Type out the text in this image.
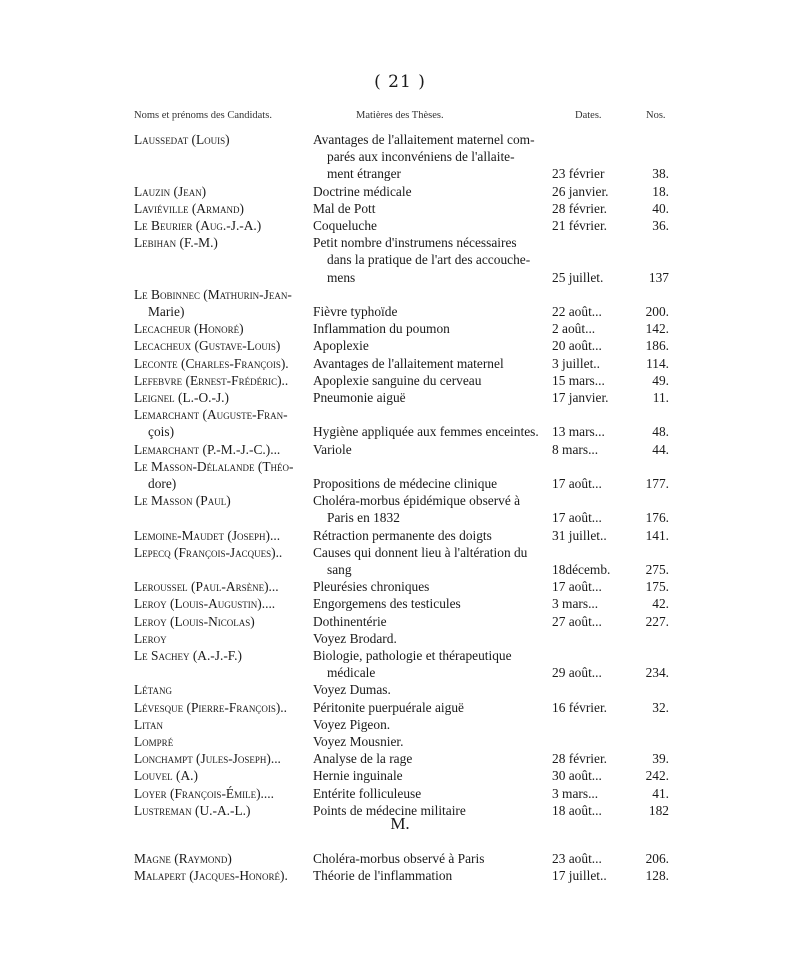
( 21 )
Noms et prénoms des Candidats.	Matières des Thèses.	Dates.	Nos.
Laussedat (Louis)	Avantages de l'allaitement maternel com-
parés aux inconvéniens de l'allaite-
ment étranger	23 février	38.
Lauzin (Jean)	Doctrine médicale	26 janvier.	18.
Laviéville (Armand)	Mal de Pott	28 février.	40.
Le Beurier (Aug.-J.-A.)	Coqueluche	21 février.	36.
Lebihan (F.-M.)	Petit nombre d'instrumens nécessaires
dans la pratique de l'art des accouche-
mens	25 juillet.	137
Le Bobinnec (Mathurin-Jean-
Marie)	Fièvre typhoïde	22 août...	200.
Lecacheur (Honoré)	Inflammation du poumon	2 août...	142.
Lecacheux (Gustave-Louis) Apoplexie	20 août...	186.
Leconte (Charles-François). Avantages de l'allaitement maternel	3 juillet..	114.
Lefebvre (Ernest-Frédéric).. Apoplexie sanguine du cerveau	15 mars...	49.
Leignel (L.-O.-J.)	Pneumonie aiguë	17 janvier.	11.
Lemarchant (Auguste-Fran-
çois)	Hygiène appliquée aux femmes enceintes. 13 mars...	48.
Lemarchant (P.-M.-J.-C.)... Variole	8 mars...	44.
Le Masson-Délalande (Théo-
dore)	Propositions de médecine clinique	17 août...	177.
Le Masson (Paul)	Choléra-morbus épidémique observé à
Paris en 1832	17 août...	176.
Lemoine-Maudet (Joseph)... Rétraction permanente des doigts	31 juillet..	141.
Lepecq (François-Jacques).. Causes qui donnent lieu à l'altération du
sang	18décemb.	275.
Leroussel (Paul-Arsène)...	Pleurésies chroniques	17 août...	175.
Leroy (Louis-Augustin)....	Engorgemens des testicules	3 mars...	42.
Leroy (Louis-Nicolas)	Dothinentérie	27 août...	227.
Leroy	Voyez Brodard.
Le Sachey (A.-J.-F.)	Biologie, pathologie et thérapeutique
médicale	29 août...	234.
Létang	Voyez Dumas.
Lévesque (Pierre-François).. Péritonite puerpuérale aiguë	16 février.	32.
Litan	Voyez Pigeon.
Lompré	Voyez Mousnier.
Lonchampt (Jules-Joseph)... Analyse de la rage	28 février.	39.
Louvel (A.)	Hernie inguinale	30 août...	242.
Loyer (François-Émile)....	Entérite folliculeuse	3 mars...	41.
Lustreman (U.-A.-L.)	Points de médecine militaire	18 août...	182
M.
Magne (Raymond)	Choléra-morbus observé à Paris	23 août...	206.
Malapert (Jacques-Honoré). Théorie de l'inflammation	17 juillet..	128.
